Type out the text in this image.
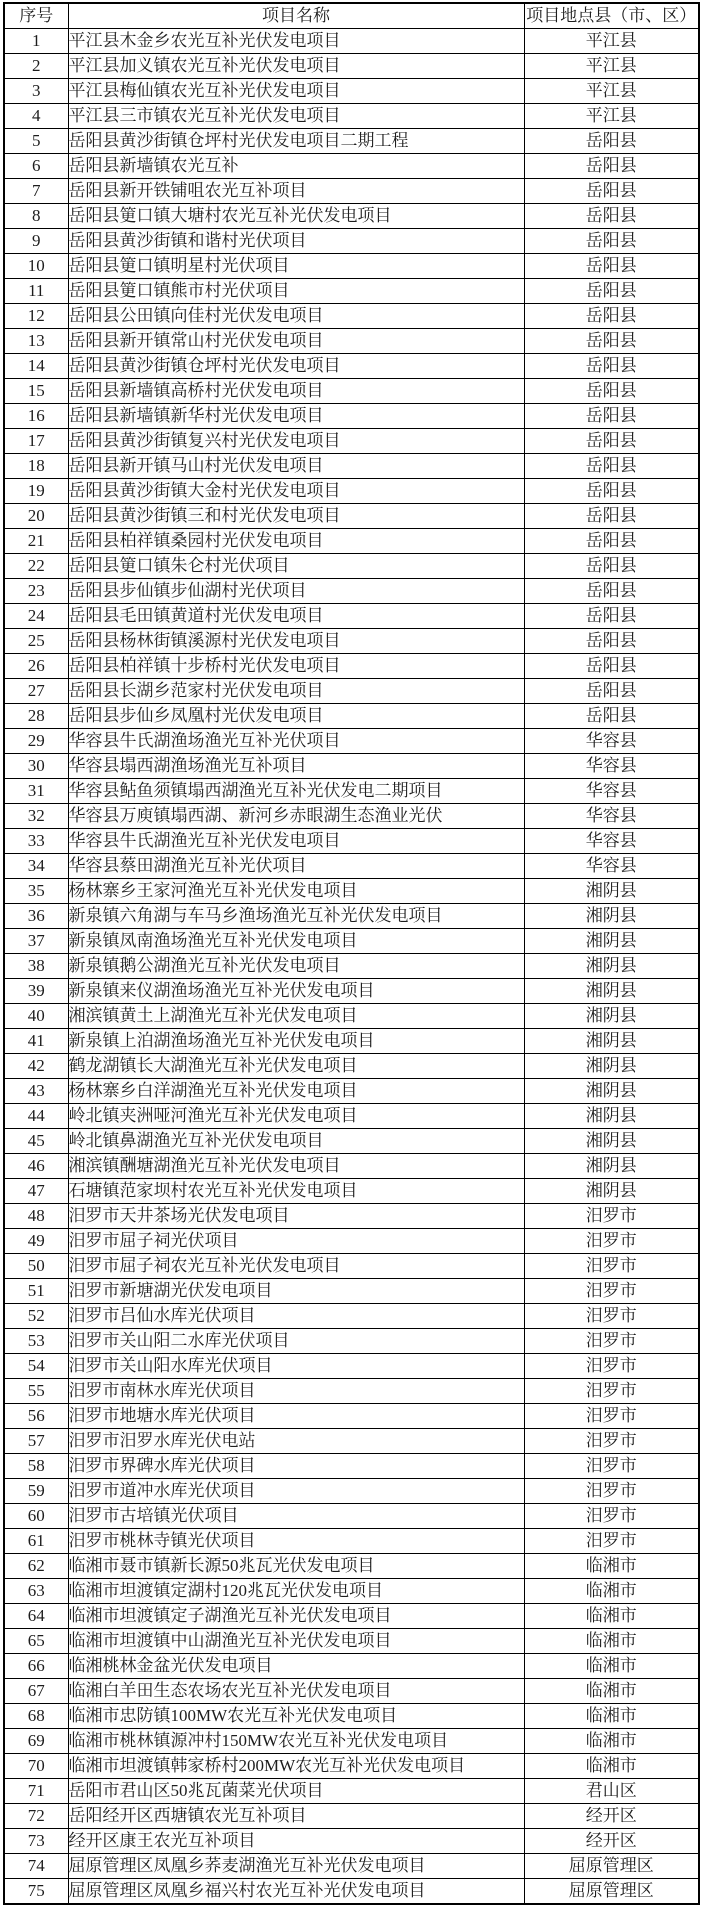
序号	项目名称	项目地点县（市、区）
1	平江县木金乡农光互补光伏发电项目	平江县
2	平江县加义镇农光互补光伏发电项目	平江县
3	平江县梅仙镇农光互补光伏发电项目	平江县
4	平江县三市镇农光互补光伏发电项目	平江县
5	岳阳县黄沙街镇仓坪村光伏发电项目二期工程	岳阳县
6	岳阳县新墙镇农光互补	岳阳县
7	岳阳县新开铁铺咀农光互补项目	岳阳县
8	岳阳县筻口镇大塘村农光互补光伏发电项目	岳阳县
9	岳阳县黄沙街镇和谐村光伏项目	岳阳县
10	岳阳县筻口镇明星村光伏项目	岳阳县
11	岳阳县筻口镇熊市村光伏项目	岳阳县
12	岳阳县公田镇向佳村光伏发电项目	岳阳县
13	岳阳县新开镇常山村光伏发电项目	岳阳县
14	岳阳县黄沙街镇仓坪村光伏发电项目	岳阳县
15	岳阳县新墙镇高桥村光伏发电项目	岳阳县
16	岳阳县新墙镇新华村光伏发电项目	岳阳县
17	岳阳县黄沙街镇复兴村光伏发电项目	岳阳县
18	岳阳县新开镇马山村光伏发电项目	岳阳县
19	岳阳县黄沙街镇大金村光伏发电项目	岳阳县
20	岳阳县黄沙街镇三和村光伏发电项目	岳阳县
21	岳阳县柏祥镇桑园村光伏发电项目	岳阳县
22	岳阳县筻口镇朱仑村光伏项目	岳阳县
23	岳阳县步仙镇步仙湖村光伏项目	岳阳县
24	岳阳县毛田镇黄道村光伏发电项目	岳阳县
25	岳阳县杨林街镇溪源村光伏发电项目	岳阳县
26	岳阳县柏祥镇十步桥村光伏发电项目	岳阳县
27	岳阳县长湖乡范家村光伏发电项目	岳阳县
28	岳阳县步仙乡凤凰村光伏发电项目	岳阳县
29	华容县牛氏湖渔场渔光互补光伏项目	华容县
30	华容县塌西湖渔场渔光互补项目	华容县
31	华容县鲇鱼须镇塌西湖渔光互补光伏发电二期项目	华容县
32	华容县万庾镇塌西湖、新河乡赤眼湖生态渔业光伏	华容县
33	华容县牛氏湖渔光互补光伏发电项目	华容县
34	华容县蔡田湖渔光互补光伏项目	华容县
35	杨林寨乡王家河渔光互补光伏发电项目	湘阴县
36	新泉镇六角湖与车马乡渔场渔光互补光伏发电项目	湘阴县
37	新泉镇凤南渔场渔光互补光伏发电项目	湘阴县
38	新泉镇鹅公湖渔光互补光伏发电项目	湘阴县
39	新泉镇来仪湖渔场渔光互补光伏发电项目	湘阴县
40	湘滨镇黄土上湖渔光互补光伏发电项目	湘阴县
41	新泉镇上泊湖渔场渔光互补光伏发电项目	湘阴县
42	鹤龙湖镇长大湖渔光互补光伏发电项目	湘阴县
43	杨林寨乡白洋湖渔光互补光伏发电项目	湘阴县
44	岭北镇夹洲哑河渔光互补光伏发电项目	湘阴县
45	岭北镇鼻湖渔光互补光伏发电项目	湘阴县
46	湘滨镇酬塘湖渔光互补光伏发电项目	湘阴县
47	石塘镇范家坝村农光互补光伏发电项目	湘阴县
48	汨罗市天井茶场光伏发电项目	汨罗市
49	汨罗市屈子祠光伏项目	汨罗市
50	汨罗市屈子祠农光互补光伏发电项目	汨罗市
51	汨罗市新塘湖光伏发电项目	汨罗市
52	汨罗市吕仙水库光伏项目	汨罗市
53	汨罗市关山阳二水库光伏项目	汨罗市
54	汨罗市关山阳水库光伏项目	汨罗市
55	汨罗市南林水库光伏项目	汨罗市
56	汨罗市地塘水库光伏项目	汨罗市
57	汨罗市汨罗水库光伏电站	汨罗市
58	汨罗市界碑水库光伏项目	汨罗市
59	汨罗市道冲水库光伏项目	汨罗市
60	汨罗市古培镇光伏项目	汨罗市
61	汨罗市桃林寺镇光伏项目	汨罗市
62	临湘市聂市镇新长源50兆瓦光伏发电项目	临湘市
63	临湘市坦渡镇定湖村120兆瓦光伏发电项目	临湘市
64	临湘市坦渡镇定子湖渔光互补光伏发电项目	临湘市
65	临湘市坦渡镇中山湖渔光互补光伏发电项目	临湘市
66	临湘桃林金盆光伏发电项目	临湘市
67	临湘白羊田生态农场农光互补光伏发电项目	临湘市
68	临湘市忠防镇100MW农光互补光伏发电项目	临湘市
69	临湘市桃林镇源冲村150MW农光互补光伏发电项目	临湘市
70	临湘市坦渡镇韩家桥村200MW农光互补光伏发电项目	临湘市
71	岳阳市君山区50兆瓦菌菜光伏项目	君山区
72	岳阳经开区西塘镇农光互补项目	经开区
73	经开区康王农光互补项目	经开区
74	屈原管理区凤凰乡荞麦湖渔光互补光伏发电项目	屈原管理区
75	屈原管理区凤凰乡福兴村农光互补光伏发电项目	屈原管理区
